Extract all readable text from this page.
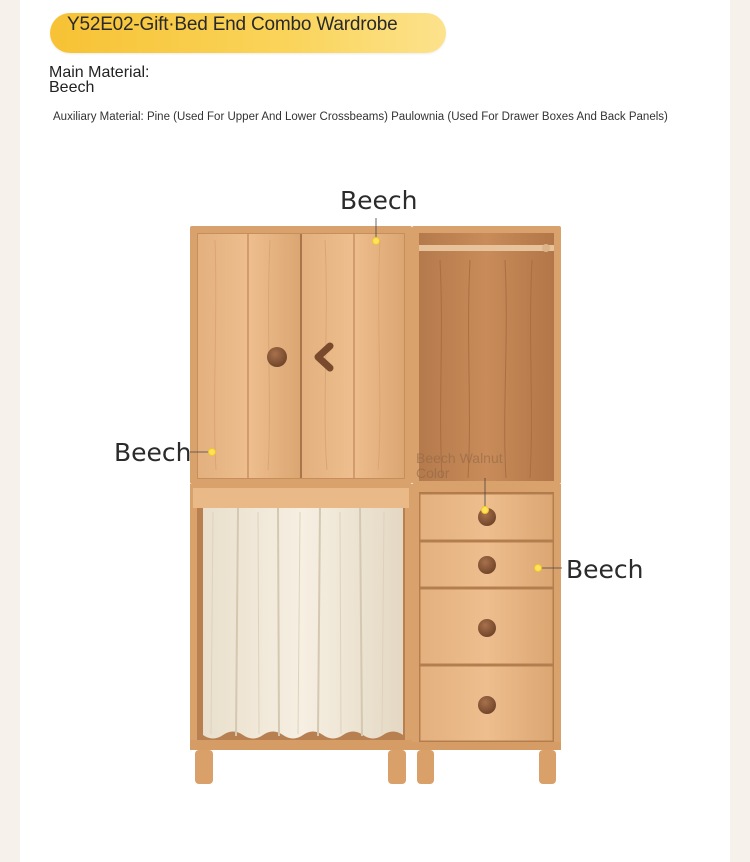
Y52E02-Gift·Bed End Combo Wardrobe
Main Material:
Beech
Auxiliary Material: Pine (Used For Upper And Lower Crossbeams) Paulownia (Used For Drawer Boxes And Back Panels)
Beech
Beech
Beech
Beech Walnut Color
